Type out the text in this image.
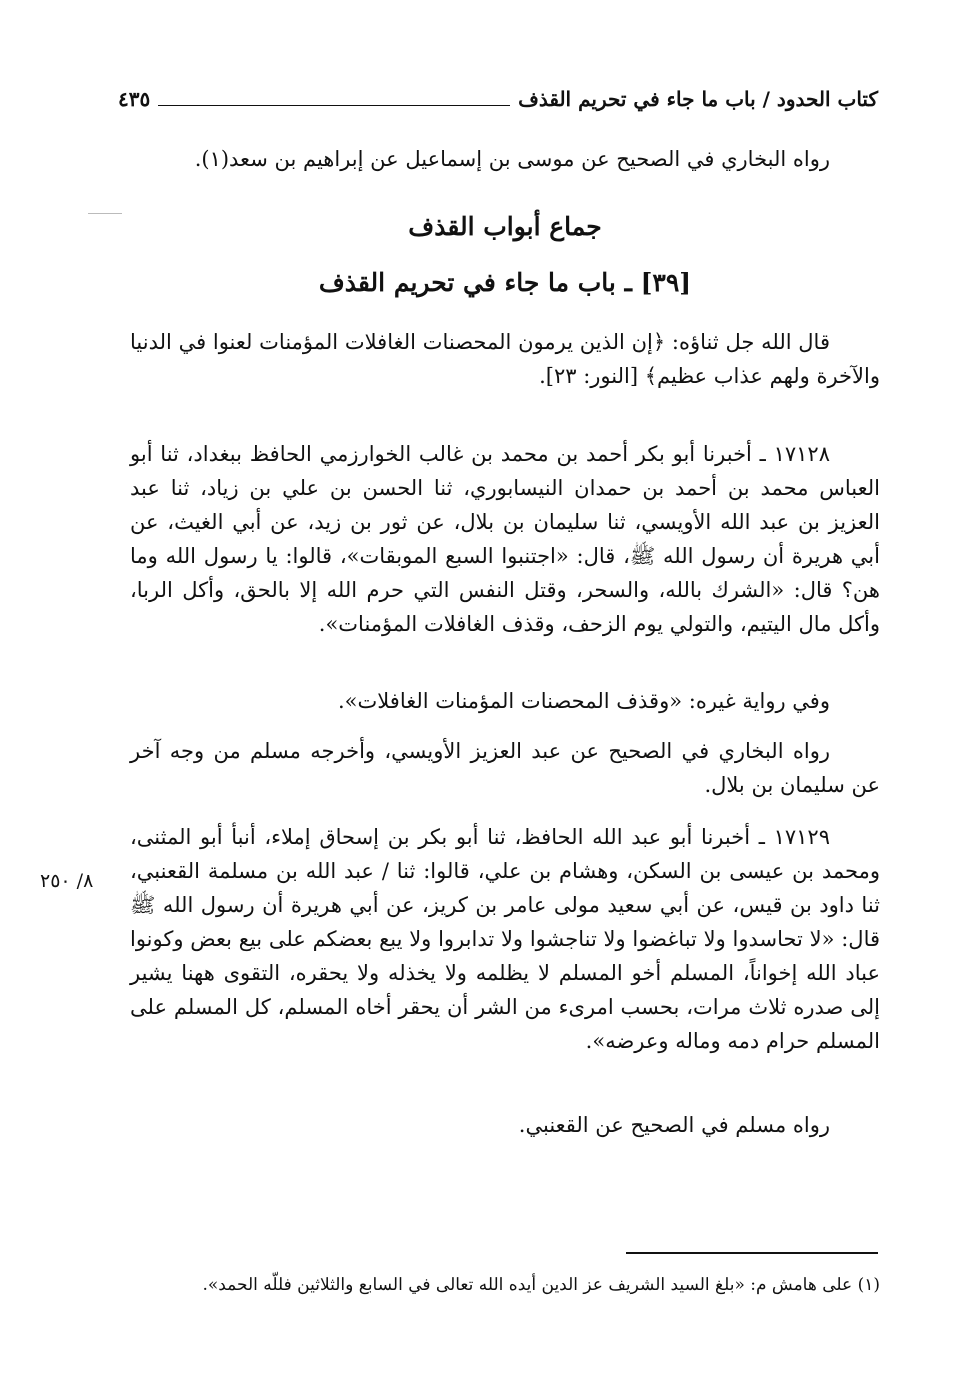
كتاب الحدود / باب ما جاء في تحريم القذف
٤٣٥
رواه البخاري في الصحيح عن موسى بن إسماعيل عن إبراهيم بن سعد(١).
جماع أبواب القذف
[٣٩] ـ باب ما جاء في تحريم القذف
قال الله جل ثناؤه: ﴿إن الذين يرمون المحصنات الغافلات المؤمنات لعنوا في الدنيا والآخرة ولهم عذاب عظيم﴾ [النور: ٢٣].
١٧١٢٨ ـ أخبرنا أبو بكر أحمد بن محمد بن غالب الخوارزمي الحافظ ببغداد، ثنا أبو العباس محمد بن أحمد بن حمدان النيسابوري، ثنا الحسن بن علي بن زياد، ثنا عبد العزيز بن عبد الله الأويسي، ثنا سليمان بن بلال، عن ثور بن زيد، عن أبي الغيث، عن أبي هريرة أن رسول الله ﷺ، قال: «اجتنبوا السبع الموبقات»، قالوا: يا رسول الله وما هن؟ قال: «الشرك بالله، والسحر، وقتل النفس التي حرم الله إلا بالحق، وأكل الربا، وأكل مال اليتيم، والتولي يوم الزحف، وقذف الغافلات المؤمنات».
وفي رواية غيره: «وقذف المحصنات المؤمنات الغافلات».
رواه البخاري في الصحيح عن عبد العزيز الأويسي، وأخرجه مسلم من وجه آخر عن سليمان بن بلال.
١٧١٢٩ ـ أخبرنا أبو عبد الله الحافظ، ثنا أبو بكر بن إسحاق إملاء، أنبأ أبو المثنى، ومحمد بن عيسى بن السكن، وهشام بن علي، قالوا: ثنا / عبد الله بن مسلمة القعنبي، ثنا داود بن قيس، عن أبي سعيد مولى عامر بن كريز، عن أبي هريرة أن رسول الله ﷺ قال: «لا تحاسدوا ولا تباغضوا ولا تناجشوا ولا تدابروا ولا يبع بعضكم على بيع بعض وكونوا عباد الله إخواناً، المسلم أخو المسلم لا يظلمه ولا يخذله ولا يحقره، التقوى ههنا يشير إلى صدره ثلاث مرات، بحسب امرىء من الشر أن يحقر أخاه المسلم، كل المسلم على المسلم حرام دمه وماله وعرضه».
رواه مسلم في الصحيح عن القعنبي.
٨/ ٢٥٠
(١) على هامش م: «بلغ السيد الشريف عز الدين أيده الله تعالى في السابع والثلاثين فللّه الحمد».
